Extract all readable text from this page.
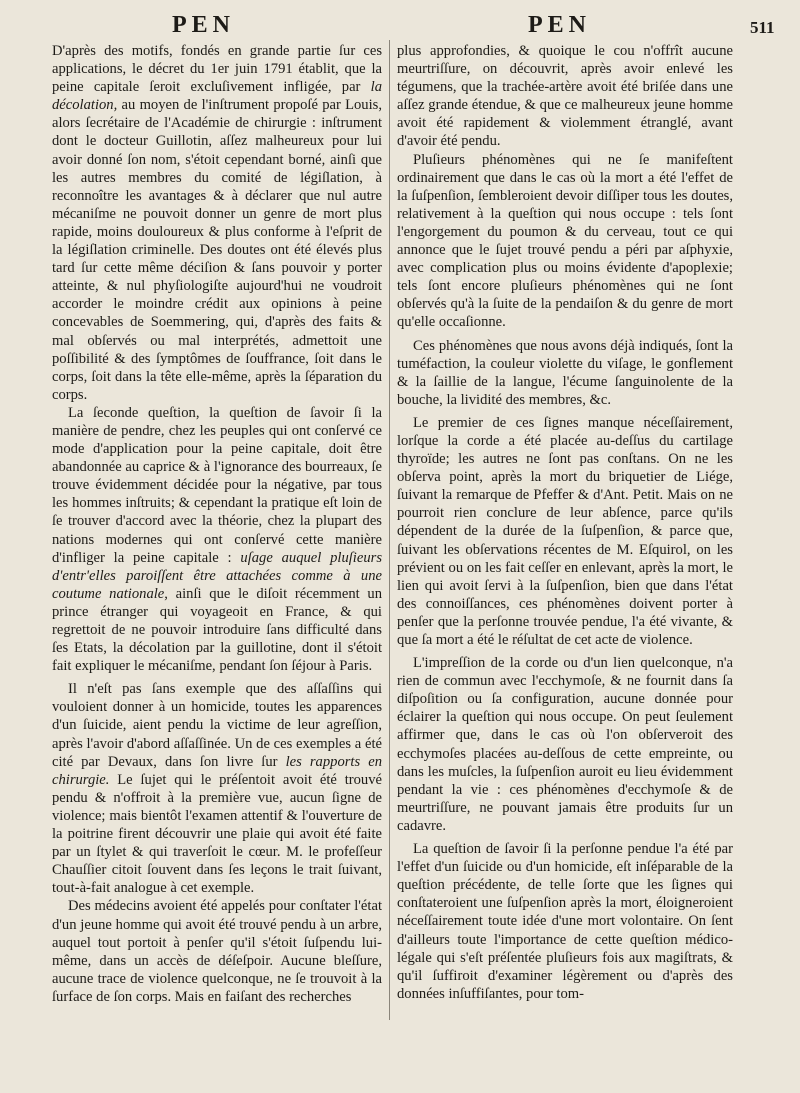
PEN	PEN	511

D'après des motifs, fondés en grande partie ſur ces applications, le décret du 1er juin 1791 établit, que la peine capitale ſeroit excluſivement infligée, par la décolation, au moyen de l'inſtrument propoſé par Louis, alors ſecrétaire de l'Académie de chirurgie : inſtrument dont le docteur Guillotin, aſſez malheureux pour lui avoir donné ſon nom, s'étoit cependant borné, ainſi que les autres membres du comité de légiſlation, à reconnoître les avantages & à déclarer que nul autre mécaniſme ne pouvoit donner un genre de mort plus rapide, moins douloureux & plus conforme à l'eſprit de la légiſlation criminelle. Des doutes ont été élevés plus tard ſur cette même déciſion & ſans pouvoir y porter atteinte, & nul phyſiologiſte aujourd'hui ne voudroit accorder le moindre crédit aux opinions à peine concevables de Soemmering, qui, d'après des faits & mal obſervés ou mal interprétés, admettoit une poſſibilité & des ſymptômes de ſouffrance, ſoit dans le corps, ſoit dans la tête elle-même, après la ſéparation du corps.

La ſeconde queſtion, la queſtion de ſavoir ſi la manière de pendre, chez les peuples qui ont conſervé ce mode d'application pour la peine capitale, doit être abandonnée au caprice & à l'ignorance des bourreaux, ſe trouve évidemment décidée pour la négative, par tous les hommes inſtruits; & cependant la pratique eſt loin de ſe trouver d'accord avec la théorie, chez la plupart des nations modernes qui ont conſervé cette manière d'infliger la peine capitale : uſage auquel pluſieurs d'entr'elles paroiſſent être attachées comme à une coutume nationale, ainſi que le diſoit récemment un prince étranger qui voyageoit en France, & qui regrettoit de ne pouvoir introduire ſans difficulté dans ſes Etats, la décolation par la guillotine, dont il s'étoit fait expliquer le mécaniſme, pendant ſon ſéjour à Paris.

Il n'eſt pas ſans exemple que des aſſaſſins qui vouloient donner à un homicide, toutes les apparences d'un ſuicide, aient pendu la victime de leur agreſſion, après l'avoir d'abord aſſaſſinée. Un de ces exemples a été cité par Devaux, dans ſon livre ſur les rapports en chirurgie. Le ſujet qui le préſentoit avoit été trouvé pendu & n'offroit à la première vue, aucun ſigne de violence; mais bientôt l'examen attentif & l'ouverture de la poitrine firent découvrir une plaie qui avoit été faite par un ſtylet & qui traverſoit le cœur. M. le profeſſeur Chauſſier citoit ſouvent dans ſes leçons le trait ſuivant, tout-à-fait analogue à cet exemple.

Des médecins avoient été appelés pour conſtater l'état d'un jeune homme qui avoit été trouvé pendu à un arbre, auquel tout portoit à penſer qu'il s'étoit ſuſpendu lui-même, dans un accès de déſeſpoir. Aucune bleſſure, aucune trace de violence quelconque, ne ſe trouvoit à la ſurface de ſon corps. Mais en faiſant des recherches

plus approfondies, & quoique le cou n'offrît aucune meurtriſſure, on découvrit, après avoir enlevé les tégumens, que la trachée-artère avoit été briſée dans une aſſez grande étendue, & que ce malheureux jeune homme avoit été rapidement & violemment étranglé, avant d'avoir été pendu.

Pluſieurs phénomènes qui ne ſe manifeſtent ordinairement que dans le cas où la mort a été l'effet de la ſuſpenſion, ſembleroient devoir diſſiper tous les doutes, relativement à la queſtion qui nous occupe : tels ſont l'engorgement du poumon & du cerveau, tout ce qui annonce que le ſujet trouvé pendu a péri par aſphyxie, avec complication plus ou moins évidente d'apoplexie; tels ſont encore pluſieurs phénomènes qui ne ſont obſervés qu'à la ſuite de la pendaiſon & du genre de mort qu'elle occaſionne.

Ces phénomènes que nous avons déjà indiqués, ſont la tuméfaction, la couleur violette du viſage, le gonflement & la ſaillie de la langue, l'écume ſanguinolente de la bouche, la lividité des membres, &c.

Le premier de ces ſignes manque néceſſairement, lorſque la corde a été placée au-deſſus du cartilage thyroïde; les autres ne ſont pas conſtans. On ne les obſerva point, après la mort du briquetier de Liége, ſuivant la remarque de Pfeffer & d'Ant. Petit. Mais on ne pourroit rien conclure de leur abſence, parce qu'ils dépendent de la durée de la ſuſpenſion, & parce que, ſuivant les obſervations récentes de M. Eſquirol, on les prévient ou on les fait ceſſer en enlevant, après la mort, le lien qui avoit ſervi à la ſuſpenſion, bien que dans l'état des connoiſſances, ces phénomènes doivent porter à penſer que la perſonne trouvée pendue, l'a été vivante, & que ſa mort a été le réſultat de cet acte de violence.

L'impreſſion de la corde ou d'un lien quelconque, n'a rien de commun avec l'ecchymoſe, & ne fournit dans ſa diſpoſition ou ſa configuration, aucune donnée pour éclairer la queſtion qui nous occupe. On peut ſeulement affirmer que, dans le cas où l'on obſerveroit des ecchymoſes placées au-deſſous de cette empreinte, ou dans les muſcles, la ſuſpenſion auroit eu lieu évidemment pendant la vie : ces phénomènes d'ecchymoſe & de meurtriſſure, ne pouvant jamais être produits ſur un cadavre.

La queſtion de ſavoir ſi la perſonne pendue l'a été par l'effet d'un ſuicide ou d'un homicide, eſt inſéparable de la queſtion précédente, de telle ſorte que les ſignes qui conſtateroient une ſuſpenſion après la mort, éloigneroient néceſſairement toute idée d'une mort volontaire. On ſent d'ailleurs toute l'importance de cette queſtion médico-légale qui s'eſt préſentée pluſieurs fois aux magiſtrats, & qu'il ſuffiroit d'examiner légèrement ou d'après des données inſuffiſantes, pour tom-
